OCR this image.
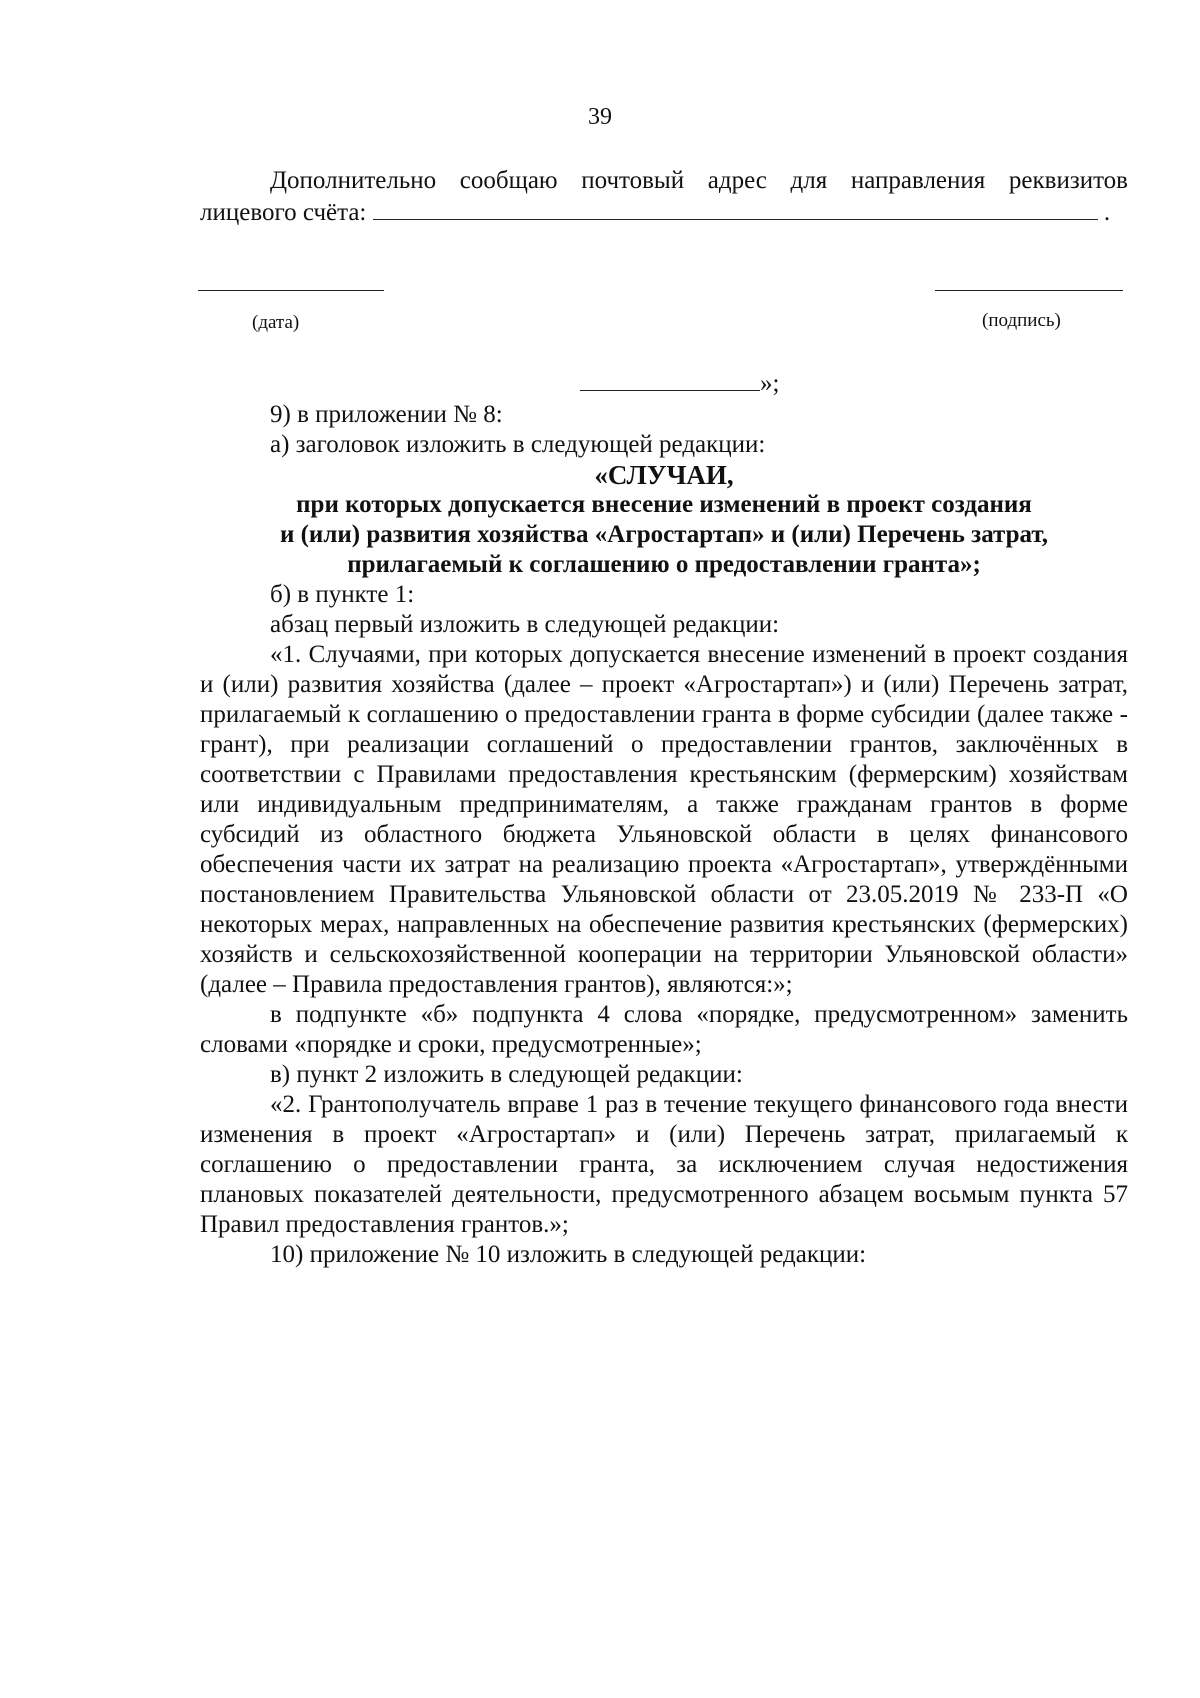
39

Дополнительно сообщаю почтовый адрес для направления реквизитов

лицевого счёта:	.
(дата)	(подпись)
»;

9) в приложении № 8:

а) заголовок изложить в следующей редакции:

«СЛУЧАИ,

при которых допускается внесение изменений в проект создания

и (или) развития хозяйства «Агростартап» и (или) Перечень затрат,

прилагаемый к соглашению о предоставлении гранта»;

б) в пункте 1:

абзац первый изложить в следующей редакции:

«1. Случаями, при которых допускается внесение изменений в проект создания и (или) развития хозяйства (далее – проект «Агростартап») и (или) Перечень затрат, прилагаемый к соглашению о предоставлении гранта в форме субсидии (далее также - грант), при реализации соглашений о предоставлении грантов, заключённых в соответствии с Правилами предоставления крестьянским (фермерским) хозяйствам или индивидуальным предпринимателям, а также гражданам грантов в форме субсидий из областного бюджета Ульяновской области в целях финансового обеспечения части их затрат на реализацию проекта «Агростартап», утверждёнными постановлением Правительства Ульяновской области от 23.05.2019 № 233-П «О некоторых мерах, направленных на обеспечение развития крестьянских (фермерских) хозяйств и сельскохозяйственной кооперации на территории Ульяновской области» (далее – Правила предоставления грантов), являются:»;

в подпункте «б» подпункта 4 слова «порядке, предусмотренном» заменить словами «порядке и сроки, предусмотренные»;

в) пункт 2 изложить в следующей редакции:

«2. Грантополучатель вправе 1 раз в течение текущего финансового года внести изменения в проект «Агростартап» и (или) Перечень затрат, прилагаемый к соглашению о предоставлении гранта, за исключением случая недостижения плановых показателей деятельности, предусмотренного абзацем восьмым пункта 57 Правил предоставления грантов.»;

10) приложение № 10 изложить в следующей редакции:
